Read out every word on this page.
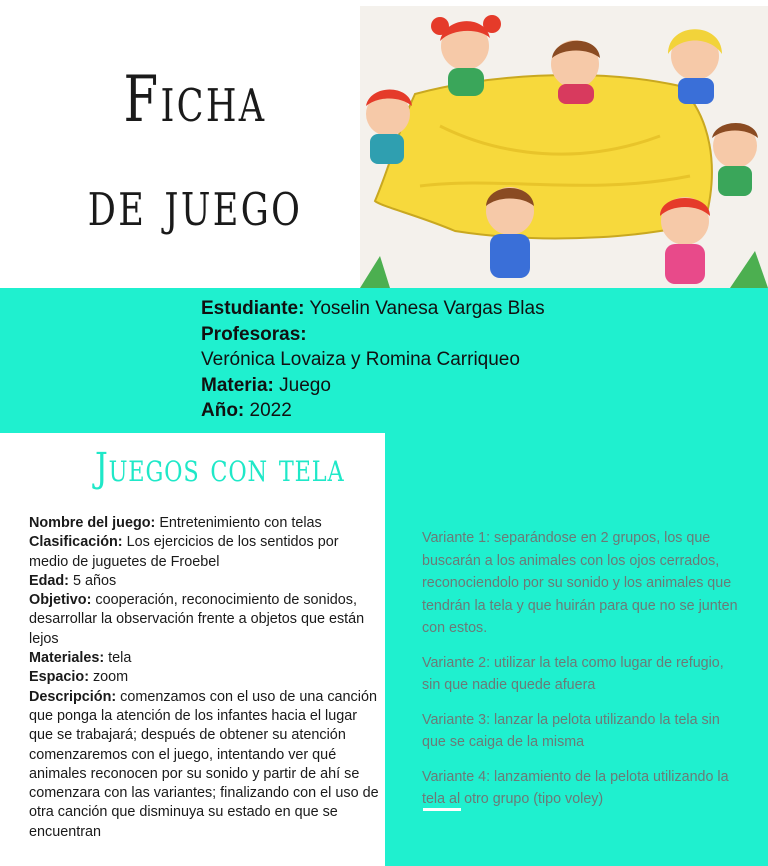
Ficha
de juego
Estudiante: Yoselin Vanesa Vargas Blas
Profesoras:
Verónica Lovaiza y Romina Carriqueo
Materia: Juego
Año: 2022
Juegos con tela
Nombre del juego: Entretenimiento con telas
Clasificación: Los ejercicios de los sentidos por medio de juguetes de Froebel
Edad: 5 años
Objetivo: cooperación, reconocimiento de sonidos, desarrollar la observación frente a objetos que están lejos
Materiales: tela
Espacio: zoom
Descripción: comenzamos con el uso de una canción que ponga la atención de los infantes hacia el lugar que se trabajará; después de obtener su atención comenzaremos con el juego, intentando ver qué animales reconocen por su sonido y partir de ahí se comenzara con las variantes; finalizando con el uso de otra canción que disminuya su estado en que se encuentran

Variante 1: separándose en 2 grupos, los que buscarán a los animales con los ojos cerrados, reconociendolo por su sonido y los animales que tendrán la tela y que huirán para que no se junten con estos.

Variante 2: utilizar la tela como lugar de refugio, sin que nadie quede afuera

Variante 3: lanzar la pelota utilizando la tela sin que se caiga de la misma

Variante 4: lanzamiento de la pelota utilizando la tela al otro grupo (tipo voley)
